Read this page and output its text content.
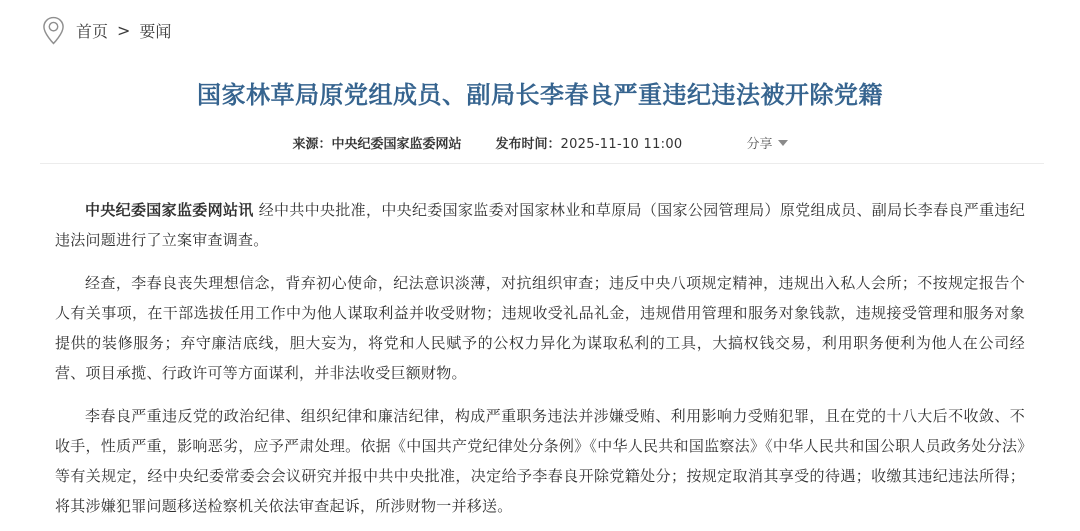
首页 > 要闻
国家林草局原党组成员、副局长李春良严重违纪违法被开除党籍
来源：中央纪委国家监委网站	发布时间：2025-11-10 11:00	分享

中央纪委国家监委网站讯 经中共中央批准，中央纪委国家监委对国家林业和草原局（国家公园管理局）原党组成员、副局长李春良严重违纪违法问题进行了立案审查调查。

经查，李春良丧失理想信念，背弃初心使命，纪法意识淡薄，对抗组织审查；违反中央八项规定精神，违规出入私人会所；不按规定报告个人有关事项，在干部选拔任用工作中为他人谋取利益并收受财物；违规收受礼品礼金，违规借用管理和服务对象钱款，违规接受管理和服务对象提供的装修服务；弃守廉洁底线，胆大妄为，将党和人民赋予的公权力异化为谋取私利的工具，大搞权钱交易，利用职务便利为他人在公司经营、项目承揽、行政许可等方面谋利，并非法收受巨额财物。

李春良严重违反党的政治纪律、组织纪律和廉洁纪律，构成严重职务违法并涉嫌受贿、利用影响力受贿犯罪，且在党的十八大后不收敛、不收手，性质严重，影响恶劣，应予严肃处理。依据《中国共产党纪律处分条例》《中华人民共和国监察法》《中华人民共和国公职人员政务处分法》等有关规定，经中央纪委常委会会议研究并报中共中央批准，决定给予李春良开除党籍处分；按规定取消其享受的待遇；收缴其违纪违法所得；将其涉嫌犯罪问题移送检察机关依法审查起诉，所涉财物一并移送。
